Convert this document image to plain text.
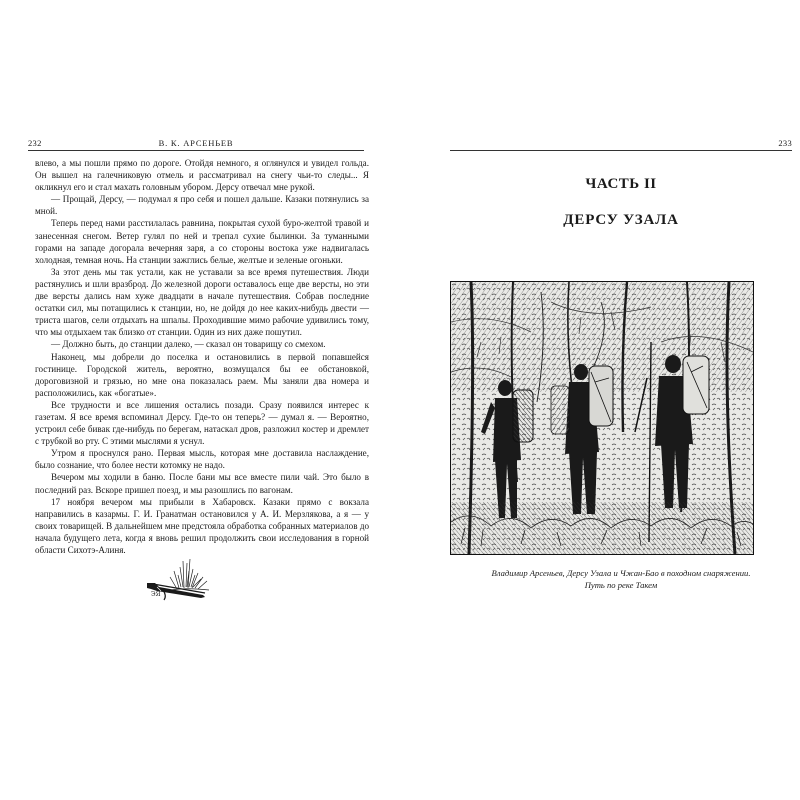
232	В. К. АРСЕНЬЕВ

влево, а мы пошли прямо по дороге. Отойдя немного, я оглянулся и увидел гольда. Он вышел на галечниковую отмель и рассматривал на снегу чьи-то следы... Я окликнул его и стал махать головным убором. Дерсу отвечал мне рукой.

— Прощай, Дерсу, — подумал я про себя и пошел дальше. Казаки потянулись за мной.

Теперь перед нами расстилалась равнина, покрытая сухой буро-желтой травой и занесенная снегом. Ветер гулял по ней и трепал сухие былинки. За туманными горами на западе догорала вечерняя заря, а со стороны востока уже надвигалась холодная, темная ночь. На станции зажглись белые, желтые и зеленые огоньки.

За этот день мы так устали, как не уставали за все время путешествия. Люди растянулись и шли вразброд. До железной дороги оставалось еще две версты, но эти две версты дались нам хуже двадцати в начале путешествия. Собрав последние остатки сил, мы потащились к станции, но, не дойдя до нее каких-нибудь двести — триста шагов, сели отдыхать на шпалы. Проходившие мимо рабочие удивились тому, что мы отдыхаем так близко от станции. Один из них даже пошутил.

— Должно быть, до станции далеко, — сказал он товарищу со смехом.

Наконец, мы добрели до поселка и остановились в первой попавшейся гостинице. Городской житель, вероятно, возмущался бы ее обстановкой, дороговизной и грязью, но мне она показалась раем. Мы заняли два номера и расположились, как «богатые».

Все трудности и все лишения остались позади. Сразу появился интерес к газетам. Я все время вспоминал Дерсу. Где-то он теперь? — думал я. — Вероятно, устроил себе бивак где-нибудь по берегам, натаскал дров, разложил костер и дремлет с трубкой во рту. С этими мыслями я уснул.

Утром я проснулся рано. Первая мысль, которая мне доставила наслаждение, было сознание, что более нести котомку не надо.

Вечером мы ходили в баню. После бани мы все вместе пили чай. Это было в последний раз. Вскоре пришел поезд, и мы разошлись по вагонам.

17 ноября вечером мы прибыли в Хабаровск. Казаки прямо с вокзала направились в казармы. Г. И. Гранатман остановился у А. И. Мерзлякова, а я — у своих товарищей. В дальнейшем мне предстояла обработка собранных материалов до начала будущего лета, когда я вновь решил продолжить свои исследования в горной области Сихотэ-Алиня.

ЭЯ
233
ЧАСТЬ II
ДЕРСУ УЗАЛА
Владимир Арсеньев, Дерсу Узала и Чжан-Бао в походном снаряжении.
Путь по реке Такем
